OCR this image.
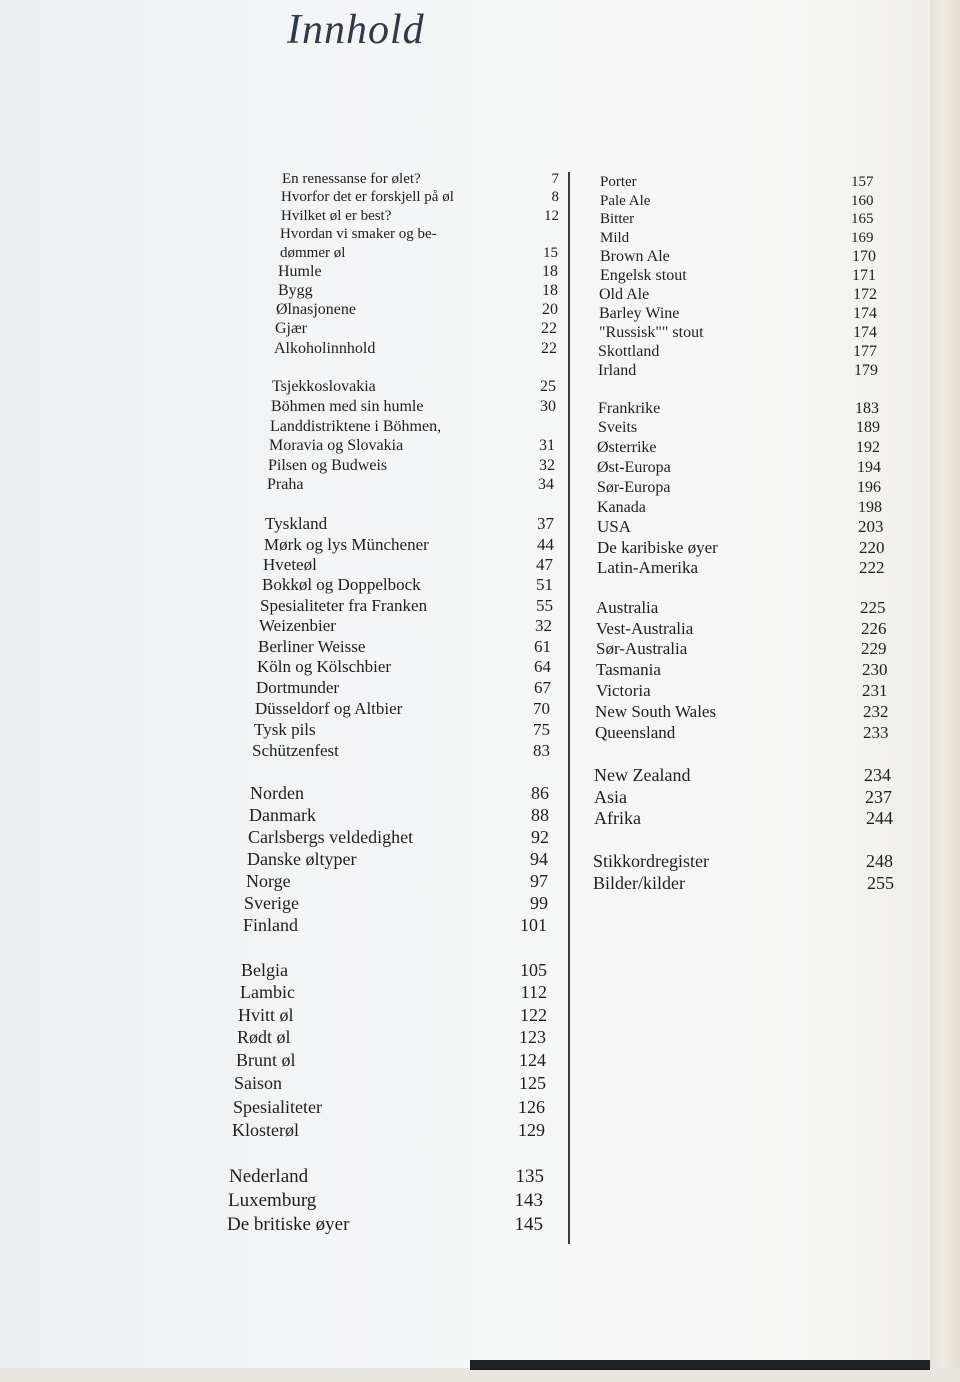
Innhold
En renessanse for ølet?	7
Hvorfor det er forskjell på øl	8
Hvilket øl er best?	12
Hvordan vi smaker og be-
dømmer øl	15
Humle	18
Bygg	18
Ølnasjonene	20
Gjær	22
Alkoholinnhold	22
Tsjekkoslovakia	25
Böhmen med sin humle	30
Landdistriktene i Böhmen,
Moravia og Slovakia	31
Pilsen og Budweis	32
Praha	34
Tyskland	37
Mørk og lys Münchener	44
Hveteøl	47
Bokkøl og Doppelbock	51
Spesialiteter fra Franken	55
Weizenbier	32
Berliner Weisse	61
Köln og Kölschbier	64
Dortmunder	67
Düsseldorf og Altbier	70
Tysk pils	75
Schützenfest	83
Norden	86
Danmark	88
Carlsbergs veldedighet	92
Danske øltyper	94
Norge	97
Sverige	99
Finland	101
Belgia	105
Lambic	112
Hvitt øl	122
Rødt øl	123
Brunt øl	124
Saison	125
Spesialiteter	126
Klosterøl	129
Nederland	135
Luxemburg	143
De britiske øyer	145
Porter	157
Pale Ale	160
Bitter	165
Mild	169
Brown Ale	170
Engelsk stout	171
Old Ale	172
Barley Wine	174
"Russisk"" stout	174
Skottland	177
Irland	179
Frankrike	183
Sveits	189
Østerrike	192
Øst-Europa	194
Sør-Europa	196
Kanada	198
USA	203
De karibiske øyer	220
Latin-Amerika	222
Australia	225
Vest-Australia	226
Sør-Australia	229
Tasmania	230
Victoria	231
New South Wales	232
Queensland	233
New Zealand	234
Asia	237
Afrika	244
Stikkordregister	248
Bilder/kilder	255
